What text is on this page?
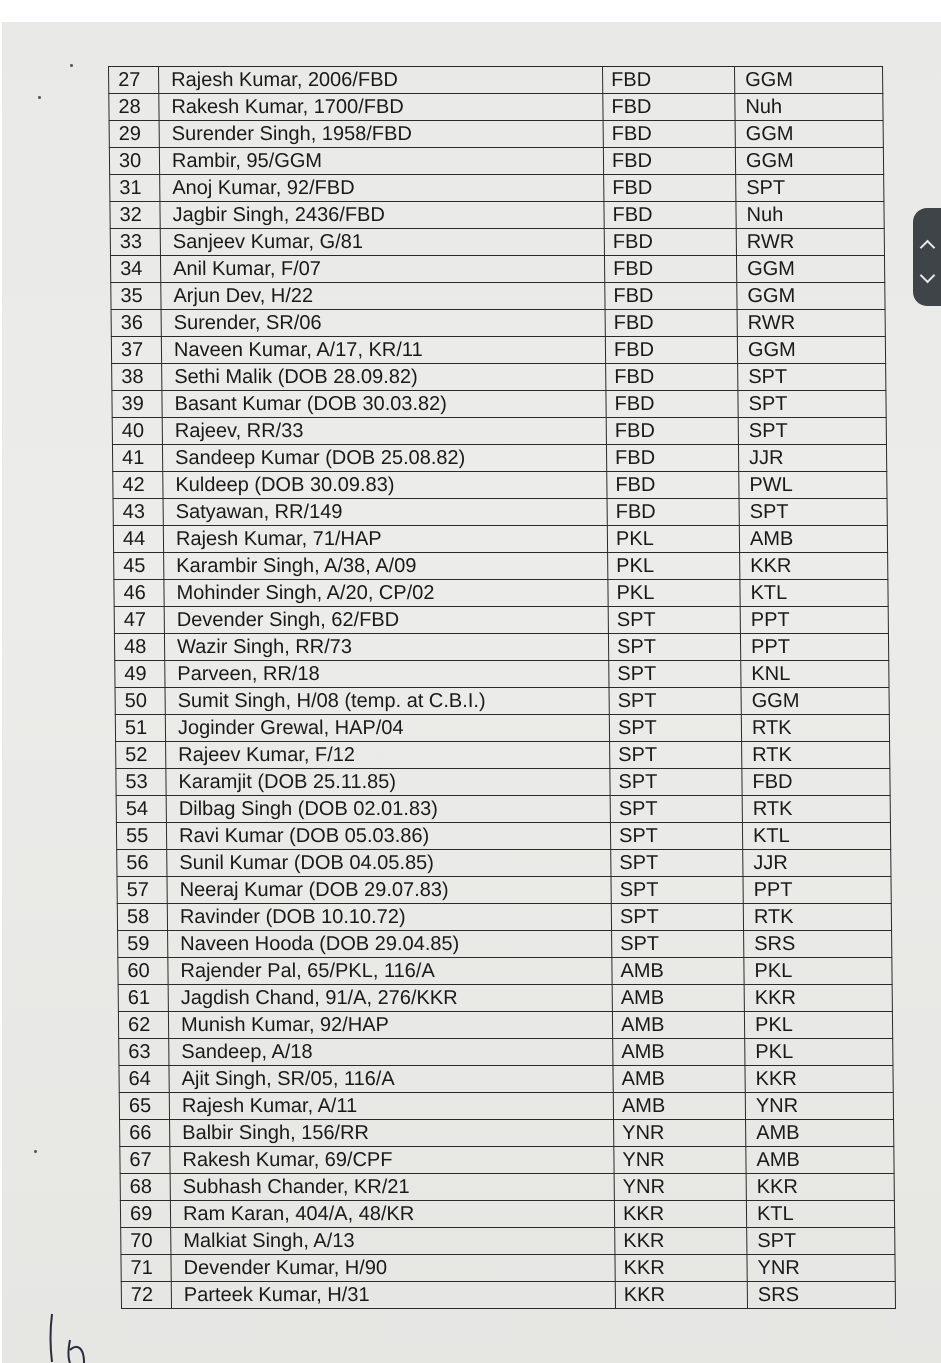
27	Rajesh Kumar, 2006/FBD	FBD	GGM
28	Rakesh Kumar, 1700/FBD	FBD	Nuh
29	Surender Singh, 1958/FBD	FBD	GGM
30	Rambir, 95/GGM	FBD	GGM
31	Anoj Kumar, 92/FBD	FBD	SPT
32	Jagbir Singh, 2436/FBD	FBD	Nuh
33	Sanjeev Kumar, G/81	FBD	RWR
34	Anil Kumar, F/07	FBD	GGM
35	Arjun Dev, H/22	FBD	GGM
36	Surender, SR/06	FBD	RWR
37	Naveen Kumar, A/17, KR/11	FBD	GGM
38	Sethi Malik (DOB 28.09.82)	FBD	SPT
39	Basant Kumar (DOB 30.03.82)	FBD	SPT
40	Rajeev, RR/33	FBD	SPT
41	Sandeep Kumar (DOB 25.08.82)	FBD	JJR
42	Kuldeep (DOB 30.09.83)	FBD	PWL
43	Satyawan, RR/149	FBD	SPT
44	Rajesh Kumar, 71/HAP	PKL	AMB
45	Karambir Singh, A/38, A/09	PKL	KKR
46	Mohinder Singh, A/20, CP/02	PKL	KTL
47	Devender Singh, 62/FBD	SPT	PPT
48	Wazir Singh, RR/73	SPT	PPT
49	Parveen, RR/18	SPT	KNL
50	Sumit Singh, H/08 (temp. at C.B.I.)	SPT	GGM
51	Joginder Grewal, HAP/04	SPT	RTK
52	Rajeev Kumar, F/12	SPT	RTK
53	Karamjit (DOB 25.11.85)	SPT	FBD
54	Dilbag Singh (DOB 02.01.83)	SPT	RTK
55	Ravi Kumar (DOB 05.03.86)	SPT	KTL
56	Sunil Kumar (DOB 04.05.85)	SPT	JJR
57	Neeraj Kumar (DOB 29.07.83)	SPT	PPT
58	Ravinder (DOB 10.10.72)	SPT	RTK
59	Naveen Hooda (DOB 29.04.85)	SPT	SRS
60	Rajender Pal, 65/PKL, 116/A	AMB	PKL
61	Jagdish Chand, 91/A, 276/KKR	AMB	KKR
62	Munish Kumar, 92/HAP	AMB	PKL
63	Sandeep, A/18	AMB	PKL
64	Ajit Singh, SR/05, 116/A	AMB	KKR
65	Rajesh Kumar, A/11	AMB	YNR
66	Balbir Singh, 156/RR	YNR	AMB
67	Rakesh Kumar, 69/CPF	YNR	AMB
68	Subhash Chander, KR/21	YNR	KKR
69	Ram Karan, 404/A, 48/KR	KKR	KTL
70	Malkiat Singh, A/13	KKR	SPT
71	Devender Kumar, H/90	KKR	YNR
72	Parteek Kumar, H/31	KKR	SRS
